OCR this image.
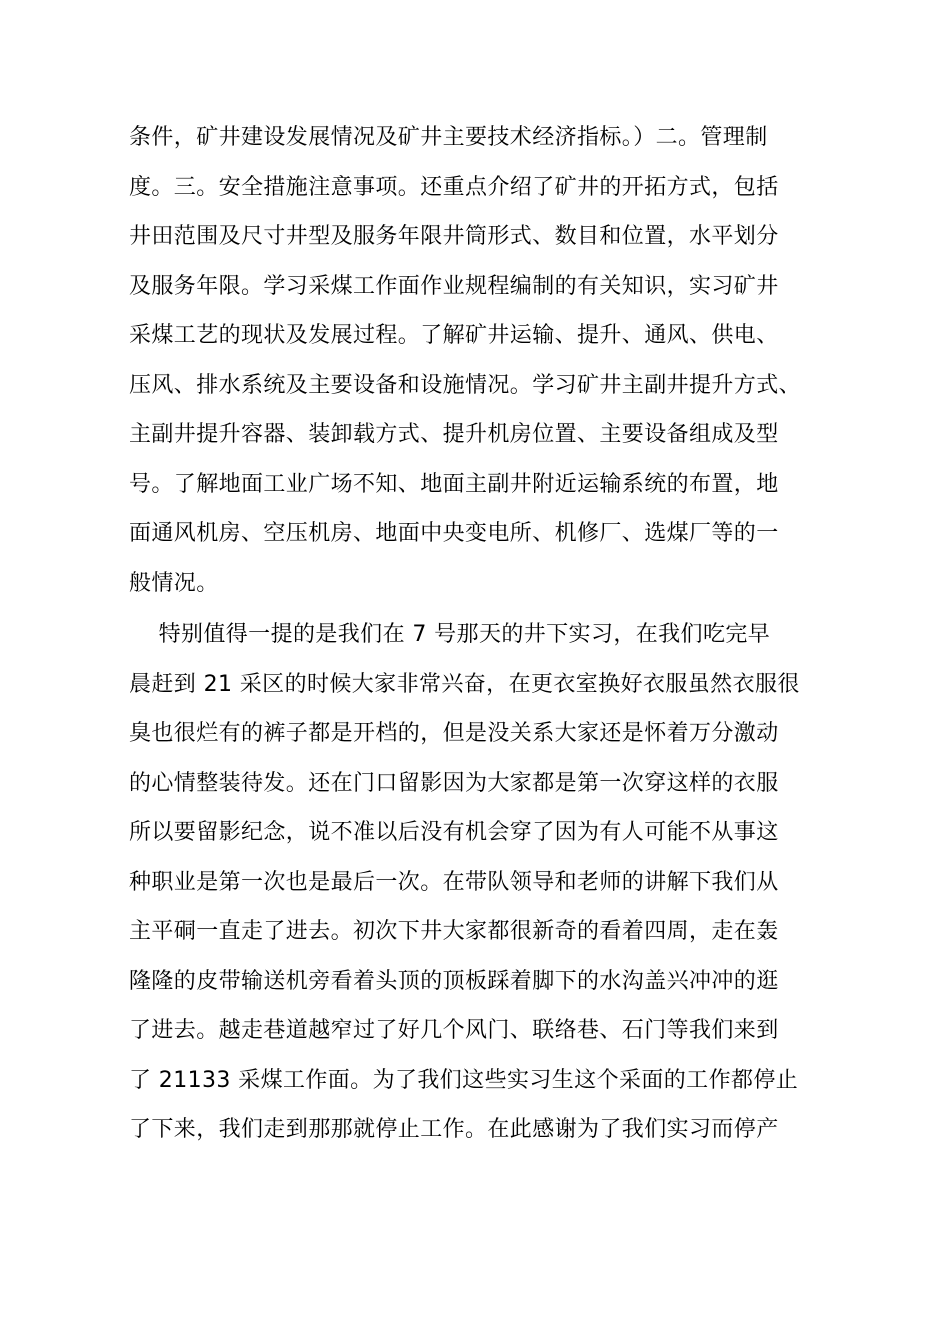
条件，矿井建设发展情况及矿井主要技术经济指标。）二。管理制
度。三。安全措施注意事项。还重点介绍了矿井的开拓方式，包括
井田范围及尺寸井型及服务年限井筒形式、数目和位置，水平划分
及服务年限。学习采煤工作面作业规程编制的有关知识，实习矿井
采煤工艺的现状及发展过程。了解矿井运输、提升、通风、供电、
压风、排水系统及主要设备和设施情况。学习矿井主副井提升方式、
主副井提升容器、装卸载方式、提升机房位置、主要设备组成及型
号。了解地面工业广场不知、地面主副井附近运输系统的布置，地
面通风机房、空压机房、地面中央变电所、机修厂、选煤厂等的一
般情况。
特别值得一提的是我们在 7 号那天的井下实习，在我们吃完早
晨赶到 21 采区的时候大家非常兴奋，在更衣室换好衣服虽然衣服很
臭也很烂有的裤子都是开档的，但是没关系大家还是怀着万分激动
的心情整装待发。还在门口留影因为大家都是第一次穿这样的衣服
所以要留影纪念，说不准以后没有机会穿了因为有人可能不从事这
种职业是第一次也是最后一次。在带队领导和老师的讲解下我们从
主平硐一直走了进去。初次下井大家都很新奇的看着四周，走在轰
隆隆的皮带输送机旁看着头顶的顶板踩着脚下的水沟盖兴冲冲的逛
了进去。越走巷道越窄过了好几个风门、联络巷、石门等我们来到
了 21133 采煤工作面。为了我们这些实习生这个采面的工作都停止
了下来，我们走到那那就停止工作。在此感谢为了我们实习而停产
